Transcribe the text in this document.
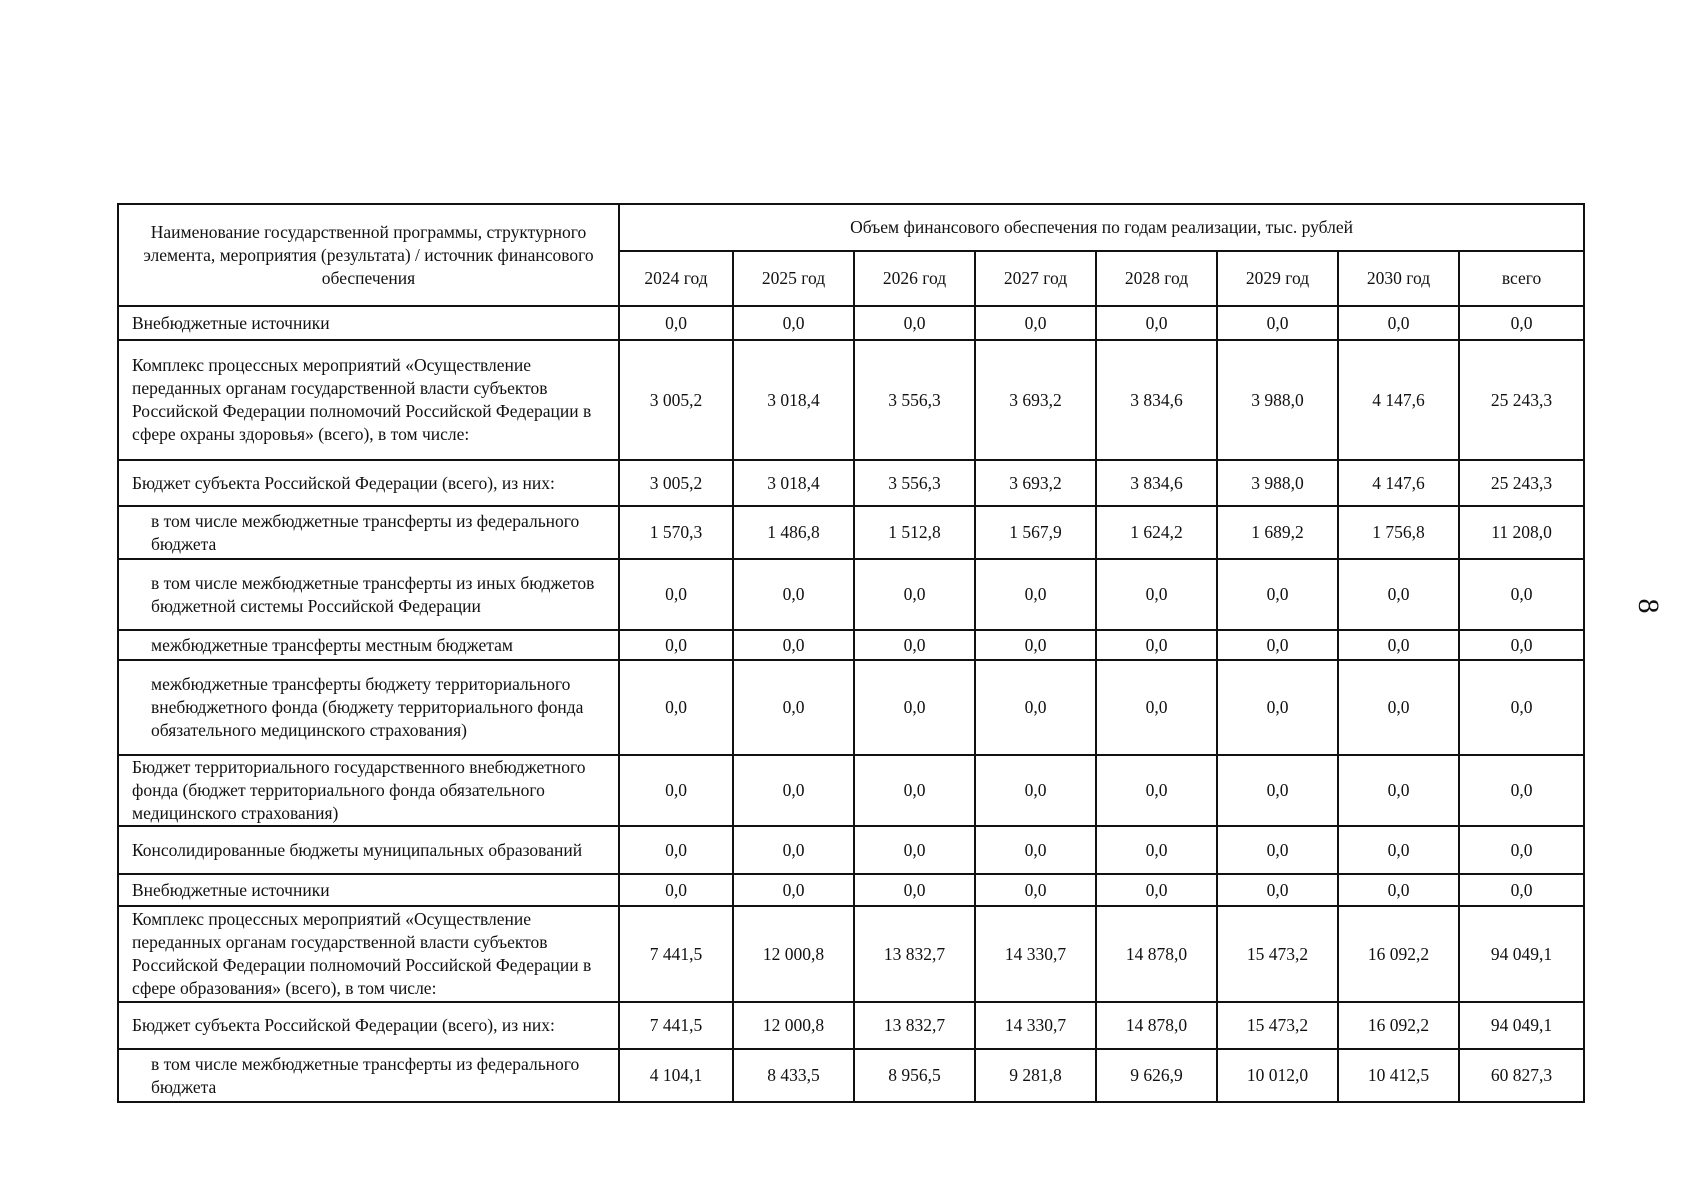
Наименование государственной программы, структурного элемента, мероприятия (результата) / источник финансового обеспечения	Объем финансового обеспечения по годам реализации, тыс. рублей							
	2024 год	2025 год	2026 год	2027 год	2028 год	2029 год	2030 год	всего
Внебюджетные источники	0,0	0,0	0,0	0,0	0,0	0,0	0,0	0,0
Комплекс процессных мероприятий «Осуществление переданных органам государственной власти субъектов Российской Федерации полномочий Российской Федерации в сфере охраны здоровья» (всего), в том числе:	3 005,2	3 018,4	3 556,3	3 693,2	3 834,6	3 988,0	4 147,6	25 243,3
Бюджет субъекта Российской Федерации (всего), из них:	3 005,2	3 018,4	3 556,3	3 693,2	3 834,6	3 988,0	4 147,6	25 243,3
в том числе межбюджетные трансферты из федерального бюджета	1 570,3	1 486,8	1 512,8	1 567,9	1 624,2	1 689,2	1 756,8	11 208,0
в том числе межбюджетные трансферты из иных бюджетов бюджетной системы Российской Федерации	0,0	0,0	0,0	0,0	0,0	0,0	0,0	0,0
межбюджетные трансферты местным бюджетам	0,0	0,0	0,0	0,0	0,0	0,0	0,0	0,0
межбюджетные трансферты бюджету территориального внебюджетного фонда (бюджету территориального фонда обязательного медицинского страхования)	0,0	0,0	0,0	0,0	0,0	0,0	0,0	0,0
Бюджет территориального государственного внебюджетного фонда (бюджет территориального фонда обязательного медицинского страхования)	0,0	0,0	0,0	0,0	0,0	0,0	0,0	0,0
Консолидированные бюджеты муниципальных образований	0,0	0,0	0,0	0,0	0,0	0,0	0,0	0,0
Внебюджетные источники	0,0	0,0	0,0	0,0	0,0	0,0	0,0	0,0
Комплекс процессных мероприятий «Осуществление переданных органам государственной власти субъектов Российской Федерации полномочий Российской Федерации в сфере образования» (всего), в том числе:	7 441,5	12 000,8	13 832,7	14 330,7	14 878,0	15 473,2	16 092,2	94 049,1
Бюджет субъекта Российской Федерации (всего), из них:	7 441,5	12 000,8	13 832,7	14 330,7	14 878,0	15 473,2	16 092,2	94 049,1
в том числе межбюджетные трансферты из федерального бюджета	4 104,1	8 433,5	8 956,5	9 281,8	9 626,9	10 012,0	10 412,5	60 827,3
8
